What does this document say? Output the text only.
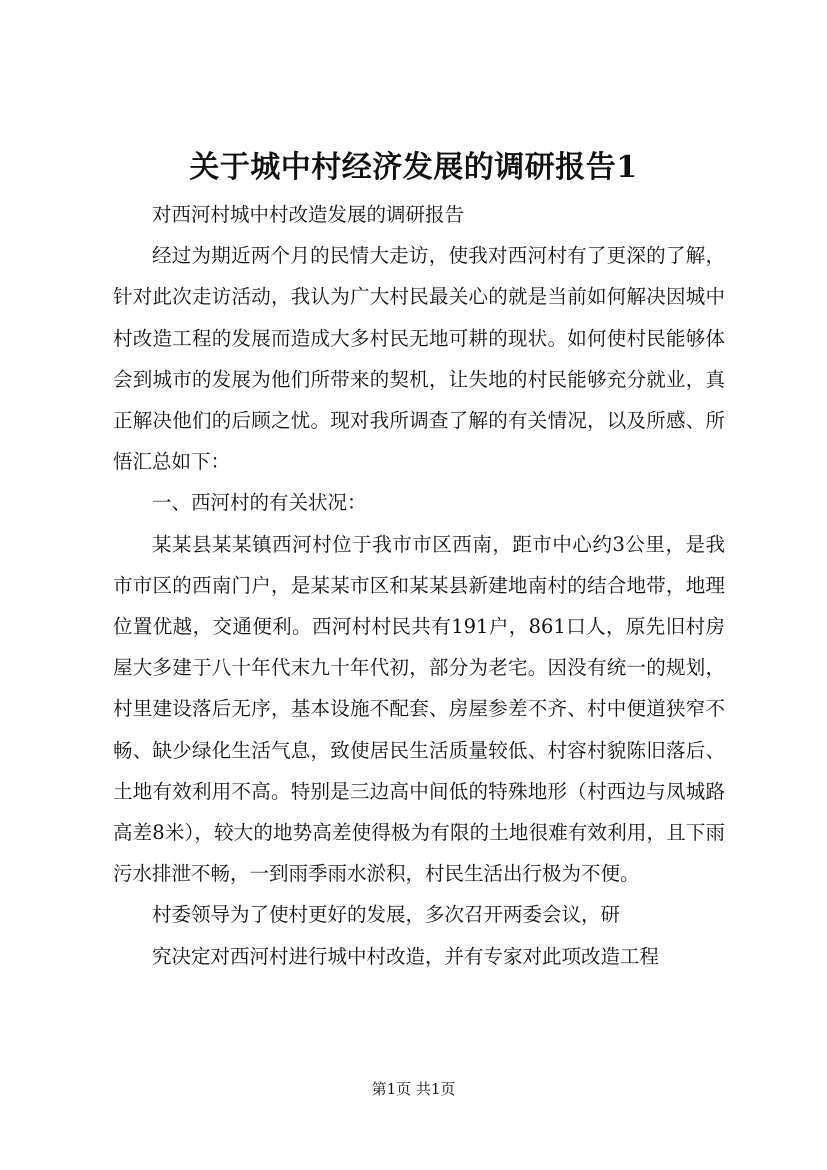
关于城中村经济发展的调研报告1

对西河村城中村改造发展的调研报告

经过为期近两个月的民情大走访，使我对西河村有了更深的了解，针对此次走访活动，我认为广大村民最关心的就是当前如何解决因城中村改造工程的发展而造成大多村民无地可耕的现状。如何使村民能够体会到城市的发展为他们所带来的契机，让失地的村民能够充分就业，真正解决他们的后顾之忧。现对我所调查了解的有关情况，以及所感、所悟汇总如下：

一、西河村的有关状况：

某某县某某镇西河村位于我市市区西南，距市中心约3公里，是我市市区的西南门户，是某某市区和某某县新建地南村的结合地带，地理位置优越，交通便利。西河村村民共有191户，861口人，原先旧村房屋大多建于八十年代末九十年代初，部分为老宅。因没有统一的规划，村里建设落后无序，基本设施不配套、房屋参差不齐、村中便道狭窄不畅、缺少绿化生活气息，致使居民生活质量较低、村容村貌陈旧落后、土地有效利用不高。特别是三边高中间低的特殊地形（村西边与凤城路高差8米），较大的地势高差使得极为有限的土地很难有效利用，且下雨污水排泄不畅，一到雨季雨水淤积，村民生活出行极为不便。

村委领导为了使村更好的发展，多次召开两委会议，研

究决定对西河村进行城中村改造，并有专家对此项改造工程

第1页 共1页
